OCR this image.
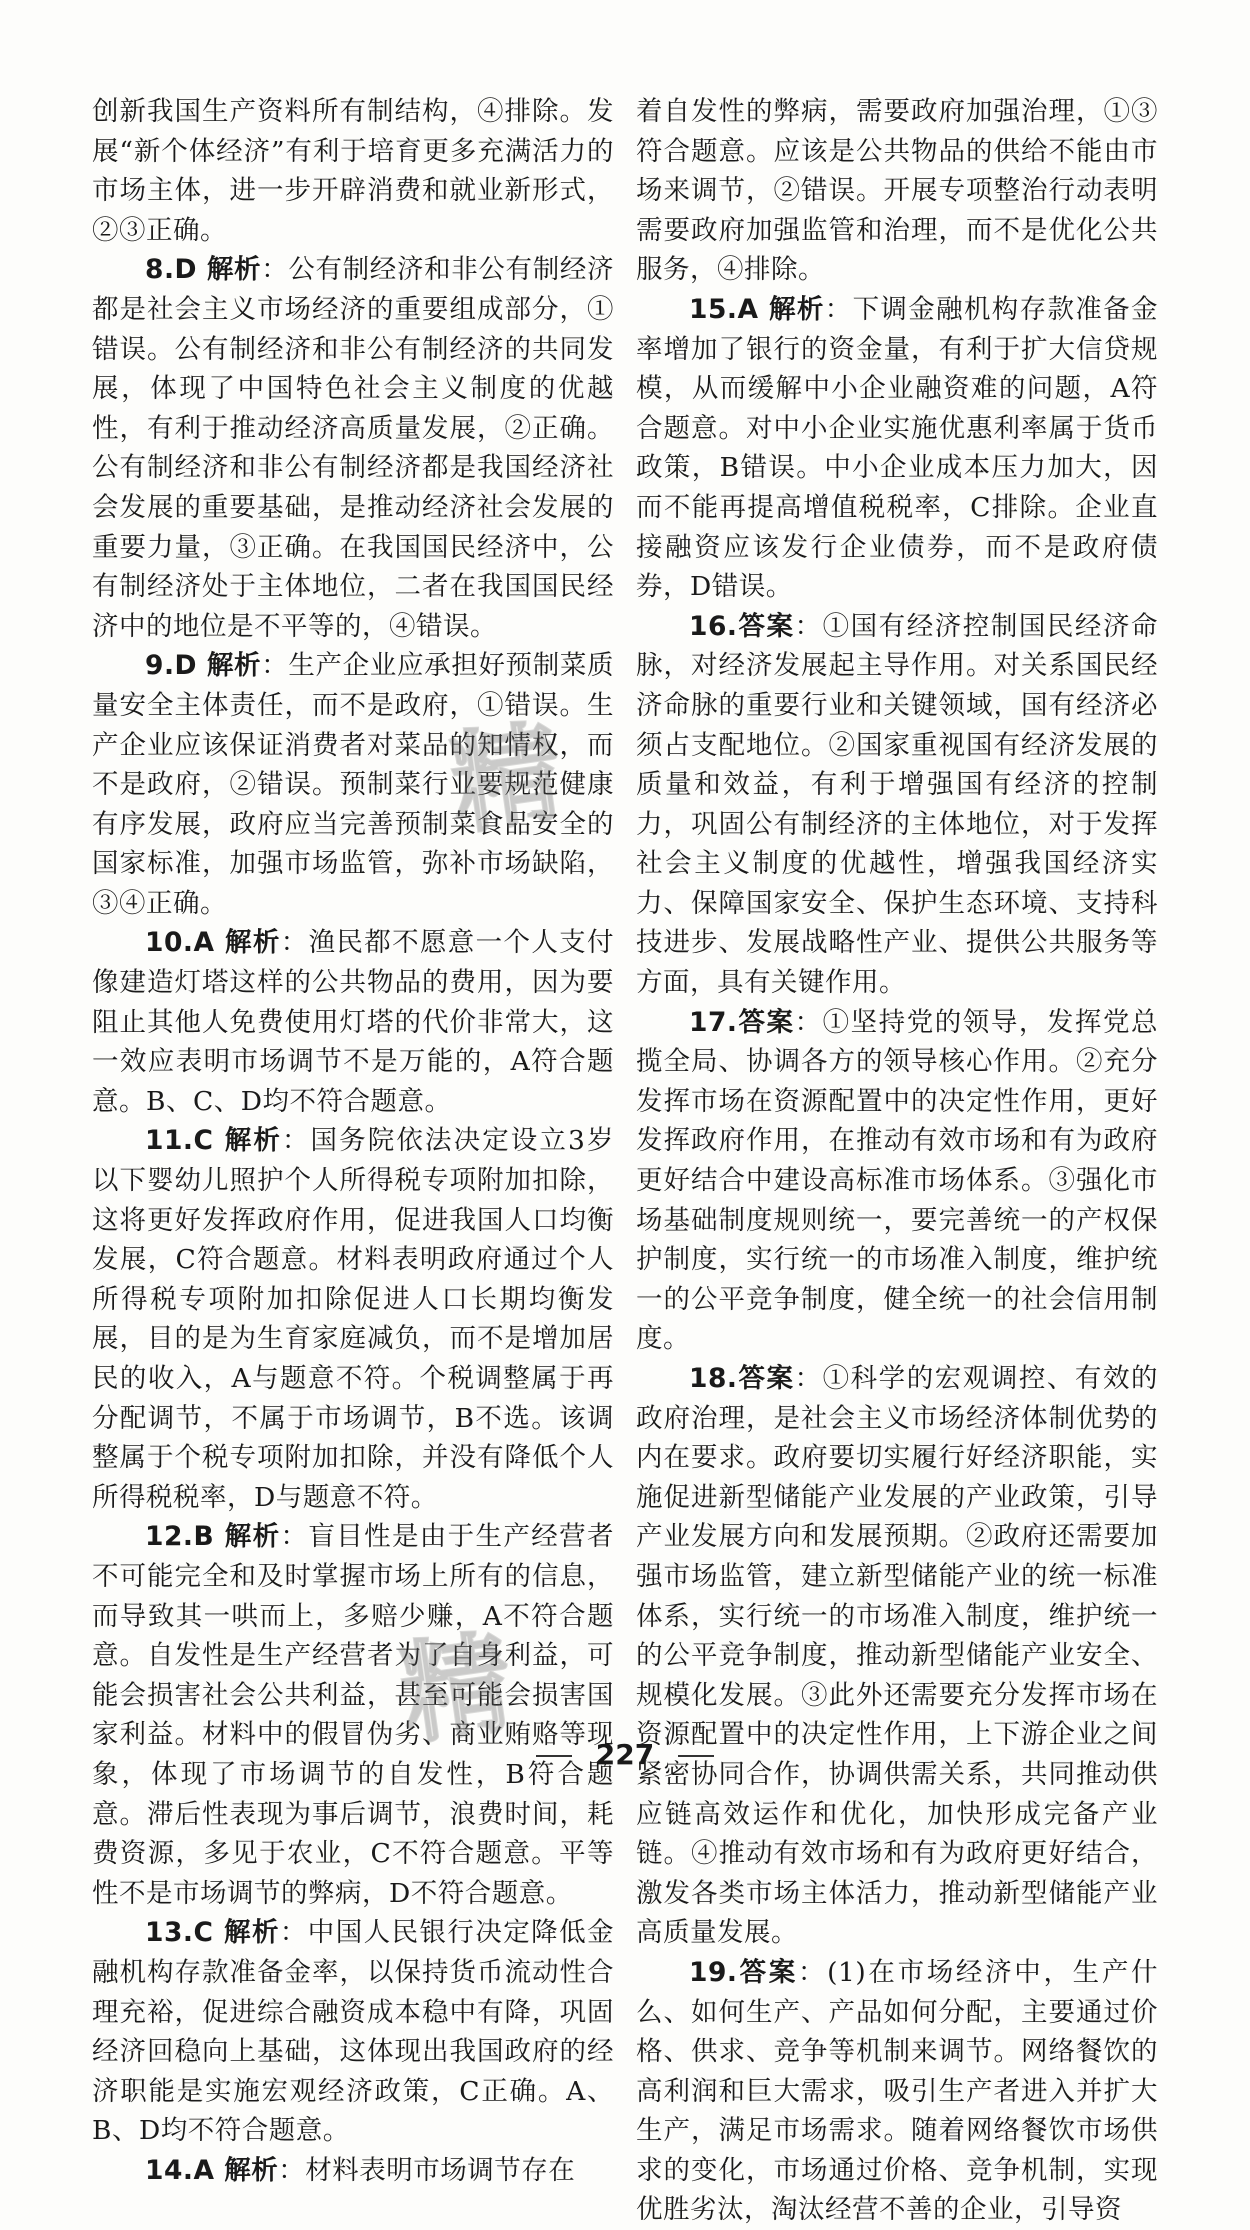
创新我国生产资料所有制结构，④排除。发展“新个体经济”有利于培育更多充满活力的市场主体，进一步开辟消费和就业新形式，②③正确。

8.D 解析：公有制经济和非公有制经济都是社会主义市场经济的重要组成部分，①错误。公有制经济和非公有制经济的共同发展，体现了中国特色社会主义制度的优越性，有利于推动经济高质量发展，②正确。公有制经济和非公有制经济都是我国经济社会发展的重要基础，是推动经济社会发展的重要力量，③正确。在我国国民经济中，公有制经济处于主体地位，二者在我国国民经济中的地位是不平等的，④错误。

9.D 解析：生产企业应承担好预制菜质量安全主体责任，而不是政府，①错误。生产企业应该保证消费者对菜品的知情权，而不是政府，②错误。预制菜行业要规范健康有序发展，政府应当完善预制菜食品安全的国家标准，加强市场监管，弥补市场缺陷，③④正确。

10.A 解析：渔民都不愿意一个人支付像建造灯塔这样的公共物品的费用，因为要阻止其他人免费使用灯塔的代价非常大，这一效应表明市场调节不是万能的，A符合题意。B、C、D均不符合题意。

11.C 解析：国务院依法决定设立3岁以下婴幼儿照护个人所得税专项附加扣除，这将更好发挥政府作用，促进我国人口均衡发展，C符合题意。材料表明政府通过个人所得税专项附加扣除促进人口长期均衡发展，目的是为生育家庭减负，而不是增加居民的收入，A与题意不符。个税调整属于再分配调节，不属于市场调节，B不选。该调整属于个税专项附加扣除，并没有降低个人所得税税率，D与题意不符。

12.B 解析：盲目性是由于生产经营者不可能完全和及时掌握市场上所有的信息，而导致其一哄而上，多赔少赚，A不符合题意。自发性是生产经营者为了自身利益，可能会损害社会公共利益，甚至可能会损害国家利益。材料中的假冒伪劣、商业贿赂等现象，体现了市场调节的自发性，B符合题意。滞后性表现为事后调节，浪费时间，耗费资源，多见于农业，C不符合题意。平等性不是市场调节的弊病，D不符合题意。

13.C 解析：中国人民银行决定降低金融机构存款准备金率，以保持货币流动性合理充裕，促进综合融资成本稳中有降，巩固经济回稳向上基础，这体现出我国政府的经济职能是实施宏观经济政策，C正确。A、B、D均不符合题意。

14.A 解析：材料表明市场调节存在

着自发性的弊病，需要政府加强治理，①③符合题意。应该是公共物品的供给不能由市场来调节，②错误。开展专项整治行动表明需要政府加强监管和治理，而不是优化公共服务，④排除。

15.A 解析：下调金融机构存款准备金率增加了银行的资金量，有利于扩大信贷规模，从而缓解中小企业融资难的问题，A符合题意。对中小企业实施优惠利率属于货币政策，B错误。中小企业成本压力加大，因而不能再提高增值税税率，C排除。企业直接融资应该发行企业债券，而不是政府债券，D错误。

16.答案：①国有经济控制国民经济命脉，对经济发展起主导作用。对关系国民经济命脉的重要行业和关键领域，国有经济必须占支配地位。②国家重视国有经济发展的质量和效益，有利于增强国有经济的控制力，巩固公有制经济的主体地位，对于发挥社会主义制度的优越性，增强我国经济实力、保障国家安全、保护生态环境、支持科技进步、发展战略性产业、提供公共服务等方面，具有关键作用。

17.答案：①坚持党的领导，发挥党总揽全局、协调各方的领导核心作用。②充分发挥市场在资源配置中的决定性作用，更好发挥政府作用，在推动有效市场和有为政府更好结合中建设高标准市场体系。③强化市场基础制度规则统一，要完善统一的产权保护制度，实行统一的市场准入制度，维护统一的公平竞争制度，健全统一的社会信用制度。

18.答案：①科学的宏观调控、有效的政府治理，是社会主义市场经济体制优势的内在要求。政府要切实履行好经济职能，实施促进新型储能产业发展的产业政策，引导产业发展方向和发展预期。②政府还需要加强市场监管，建立新型储能产业的统一标准体系，实行统一的市场准入制度，维护统一的公平竞争制度，推动新型储能产业安全、规模化发展。③此外还需要充分发挥市场在资源配置中的决定性作用，上下游企业之间紧密协同合作，协调供需关系，共同推动供应链高效运作和优化，加快形成完备产业链。④推动有效市场和有为政府更好结合，激发各类市场主体活力，推动新型储能产业高质量发展。

19.答案：(1)在市场经济中，生产什么、如何生产、产品如何分配，主要通过价格、供求、竞争等机制来调节。网络餐饮的高利润和巨大需求，吸引生产者进入并扩大生产，满足市场需求。随着网络餐饮市场供求的变化，市场通过价格、竞争机制，实现优胜劣汰，淘汰经营不善的企业，引导资

227
精
精
